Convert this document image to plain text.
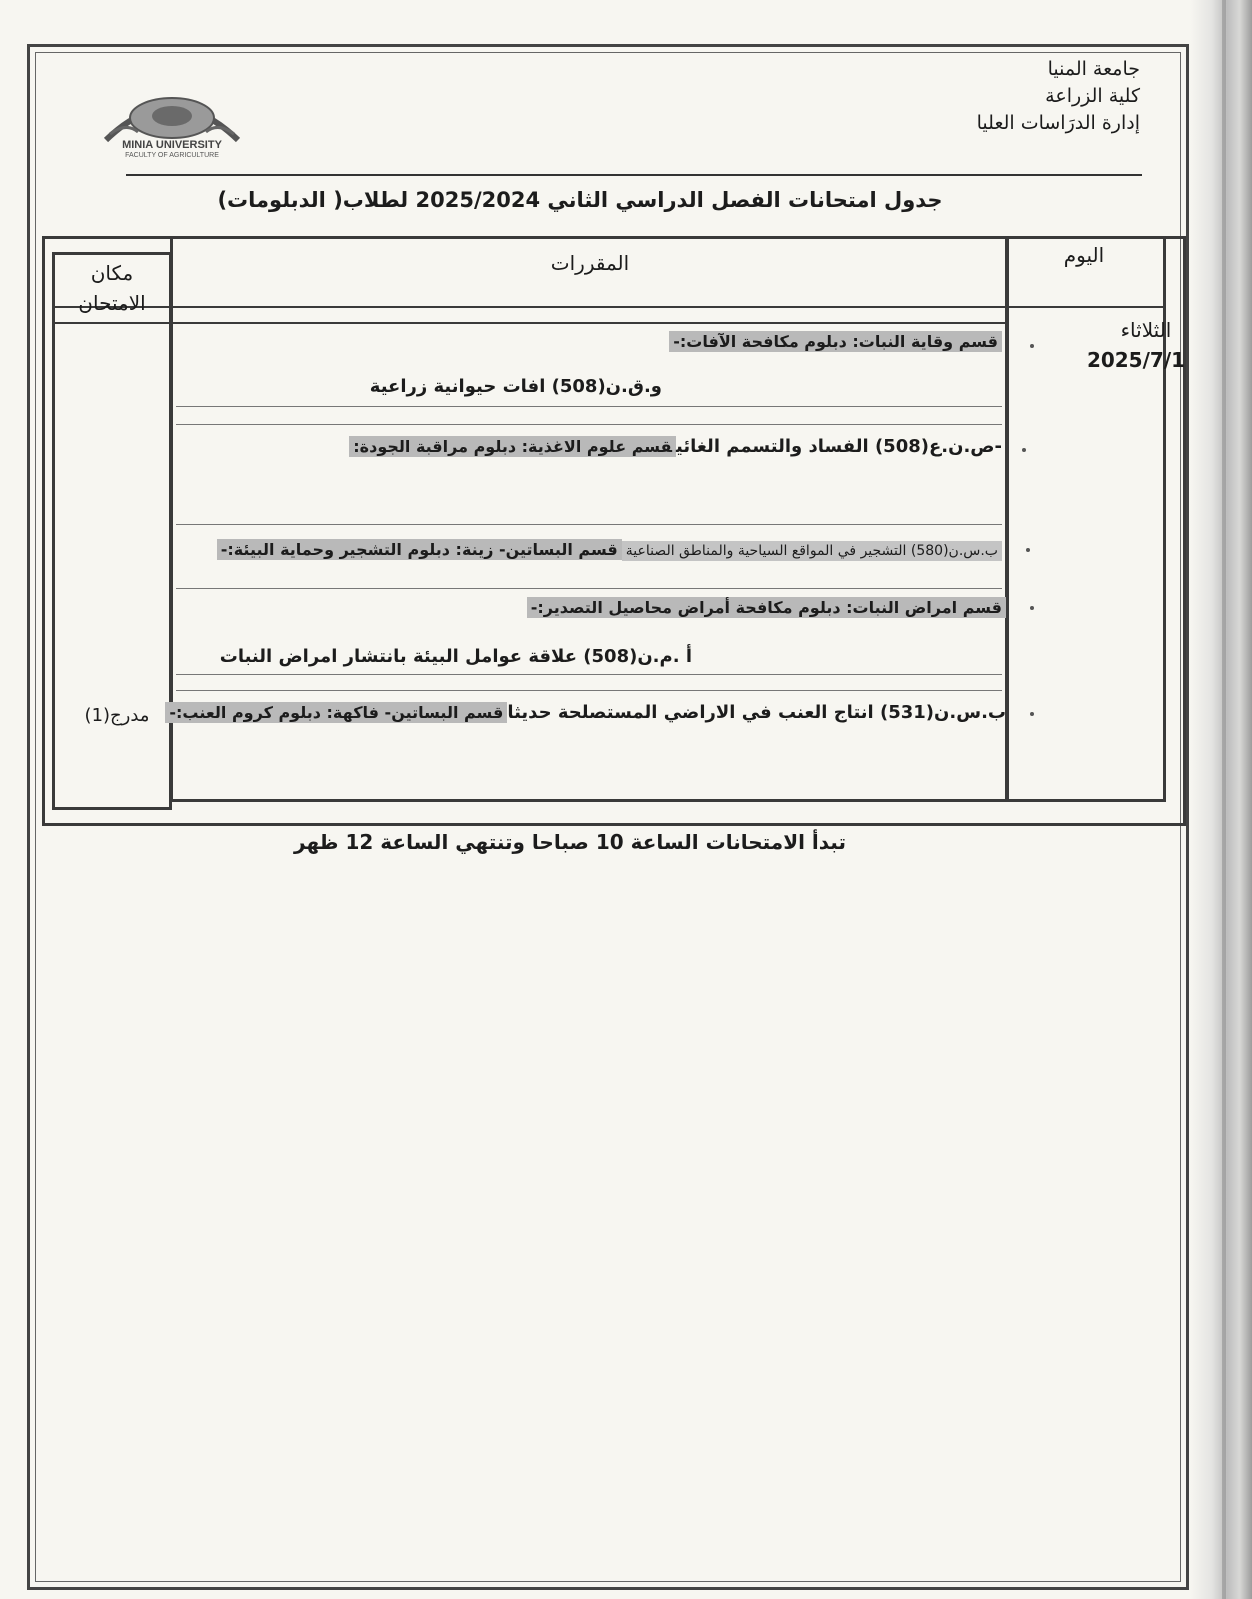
جامعة المنيا
كلية الزراعة
إدارة الدرَاسات العليا
MINIA UNIVERSITY
FACULTY OF AGRICULTURE
جدول امتحانات الفصل الدراسي الثاني 2025/2024 لطلاب( الدبلومات)
اليوم
المقررات
مكان
الامتحان
الثلاثاء
2025/7/1
مدرج(1)
قسم وقاية النبات: دبلوم مكافحة الآفات:-
و.ق.ن(508) افات حيوانية زراعية
-ص.ن.ع(508) الفساد والتسمم الغائيقسم علوم الاغذية: دبلوم مراقبة الجودة:
ب.س.ن(580) التشجير في المواقع السياحية والمناطق الصناعيةقسم البساتين- زينة: دبلوم التشجير وحماية البيئة:-
قسم امراض النبات: دبلوم مكافحة أمراض محاصيل التصدير:-
أ .م.ن(508) علاقة عوامل البيئة بانتشار امراض النبات
ب.س.ن(531) انتاج العنب في الاراضي المستصلحة حديثاقسم البساتين- فاكهة: دبلوم كروم العنب:-
تبدأ الامتحانات الساعة 10 صباحا وتنتهي الساعة 12 ظهر
